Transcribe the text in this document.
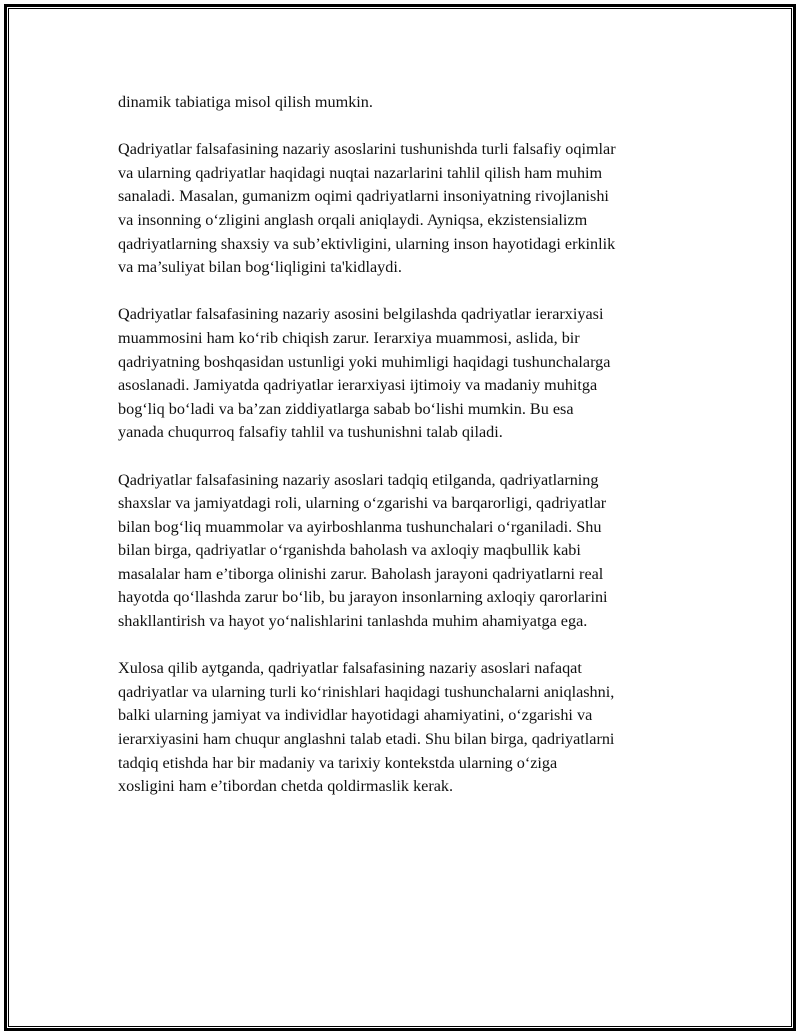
dinamik tabiatiga misol qilish mumkin.

Qadriyatlar falsafasining nazariy asoslarini tushunishda turli falsafiy oqimlar
va ularning qadriyatlar haqidagi nuqtai nazarlarini tahlil qilish ham muhim
sanaladi. Masalan, gumanizm oqimi qadriyatlarni insoniyatning rivojlanishi
va insonning o‘zligini anglash orqali aniqlaydi. Ayniqsa, ekzistensializm
qadriyatlarning shaxsiy va sub’ektivligini, ularning inson hayotidagi erkinlik
va ma’suliyat bilan bog‘liqligini ta'kidlaydi.

Qadriyatlar falsafasining nazariy asosini belgilashda qadriyatlar ierarxiyasi
muammosini ham ko‘rib chiqish zarur. Ierarxiya muammosi, aslida, bir
qadriyatning boshqasidan ustunligi yoki muhimligi haqidagi tushunchalarga
asoslanadi. Jamiyatda qadriyatlar ierarxiyasi ijtimoiy va madaniy muhitga
bog‘liq bo‘ladi va ba’zan ziddiyatlarga sabab bo‘lishi mumkin. Bu esa
yanada chuqurroq falsafiy tahlil va tushunishni talab qiladi.

Qadriyatlar falsafasining nazariy asoslari tadqiq etilganda, qadriyatlarning
shaxslar va jamiyatdagi roli, ularning o‘zgarishi va barqarorligi, qadriyatlar
bilan bog‘liq muammolar va ayirboshlanma tushunchalari o‘rganiladi. Shu
bilan birga, qadriyatlar o‘rganishda baholash va axloqiy maqbullik kabi
masalalar ham e’tiborga olinishi zarur. Baholash jarayoni qadriyatlarni real
hayotda qo‘llashda zarur bo‘lib, bu jarayon insonlarning axloqiy qarorlarini
shakllantirish va hayot yo‘nalishlarini tanlashda muhim ahamiyatga ega.

Xulosa qilib aytganda, qadriyatlar falsafasining nazariy asoslari nafaqat
qadriyatlar va ularning turli ko‘rinishlari haqidagi tushunchalarni aniqlashni,
balki ularning jamiyat va individlar hayotidagi ahamiyatini, o‘zgarishi va
ierarxiyasini ham chuqur anglashni talab etadi. Shu bilan birga, qadriyatlarni
tadqiq etishda har bir madaniy va tarixiy kontekstda ularning o‘ziga
xosligini ham e’tibordan chetda qoldirmaslik kerak.
